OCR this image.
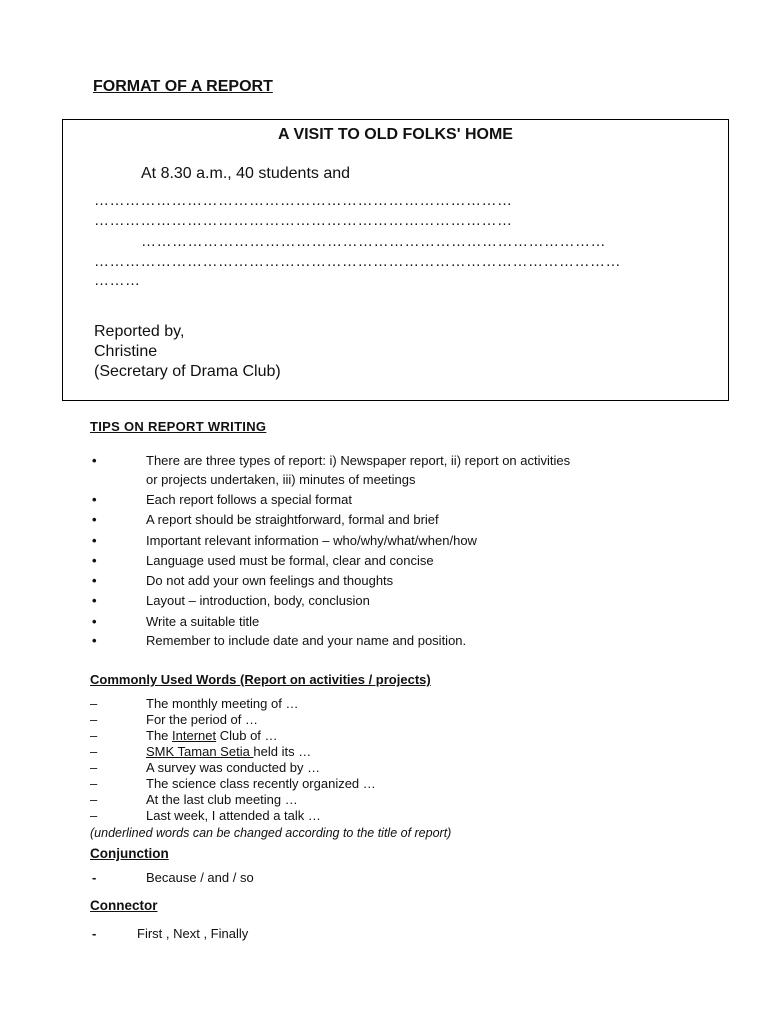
FORMAT OF A REPORT
A VISIT TO OLD FOLKS' HOME
At 8.30 a.m., 40 students and
………………………………………………………………………
………………………………………………………………………
………………………………………………………………………………
…………………………………………………………………………………………
………
Reported by,
Christine
(Secretary of Drama Club)
TIPS ON REPORT WRITING
•	There are three types of report: i) Newspaper report, ii) report on activities
or projects undertaken, iii) minutes of meetings
•	Each report follows a special format
•	A report should be straightforward, formal and brief
•	Important relevant information – who/why/what/when/how
•	Language used must be formal, clear and concise
•	Do not add your own feelings and thoughts
•	Layout – introduction, body, conclusion
•	Write a suitable title
•	Remember to include date and your name and position.
Commonly Used Words (Report on activities / projects)
–	The monthly meeting of …
–	For the period of …
–	The Internet Club of …
–	SMK Taman Setia held its …
–	A survey was conducted by …
–	The science class recently organized …
–	At the last club meeting …
–	Last week, I attended a talk …
(underlined words can be changed according to the title of report)
Conjunction
-	Because / and / so
Connector
-	First , Next , Finally
